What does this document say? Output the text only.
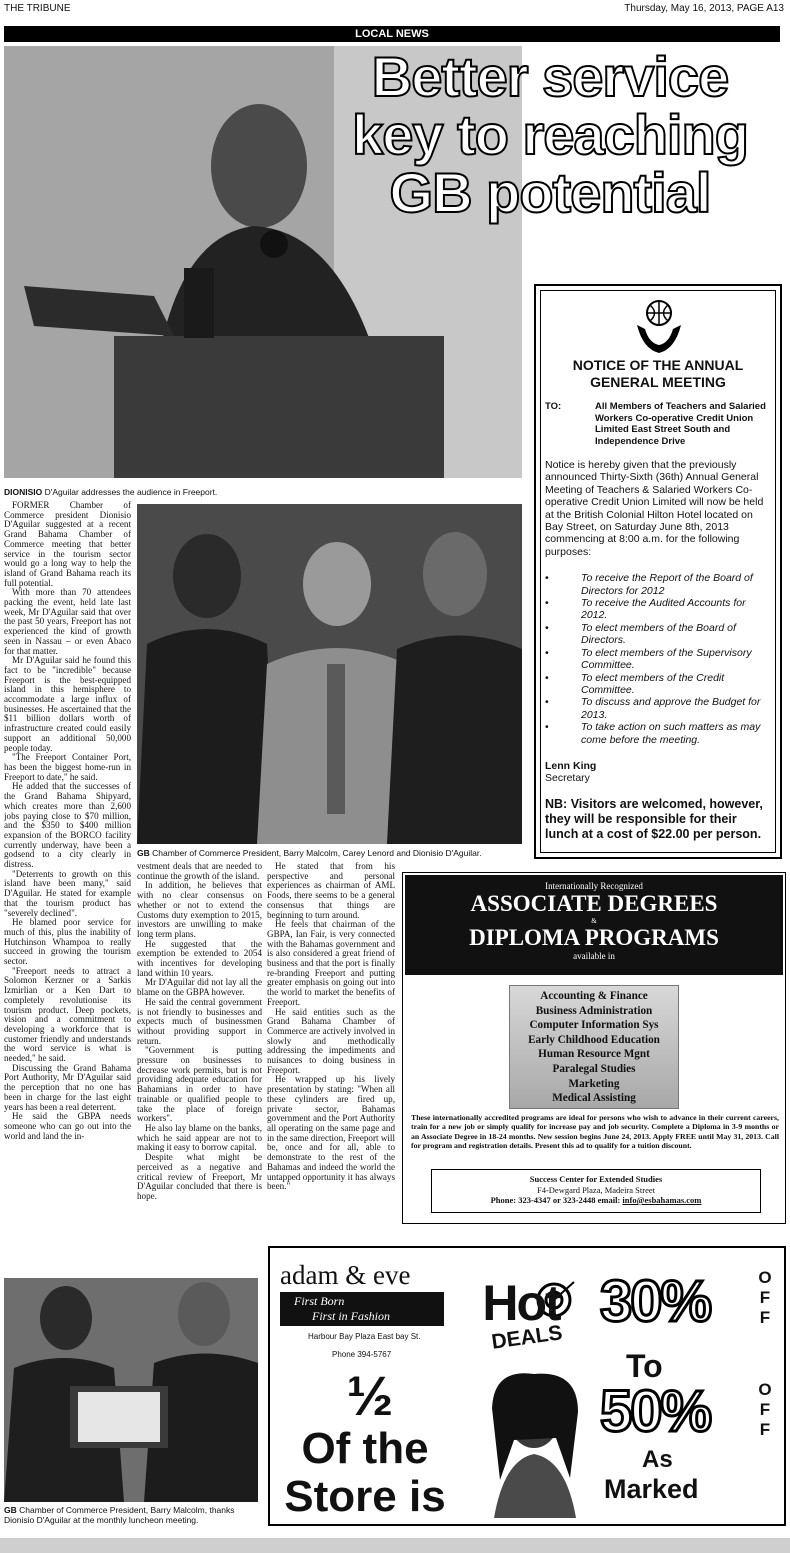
THE TRIBUNE	Thursday, May 16, 2013, PAGE A13
LOCAL NEWS
Better service key to reaching GB potential
DIONISIO D'Aguilar addresses the audience in Freeport.

FORMER Chamber of Commerce president Dionisio D'Aguilar suggested at a recent Grand Bahama Chamber of Commerce meeting that better service in the tourism sector would go a long way to help the island of Grand Bahama reach its full potential.

With more than 70 attendees packing the event, held late last week, Mr D'Aguilar said that over the past 50 years, Freeport has not experienced the kind of growth seen in Nassau – or even Abaco for that matter.

Mr D'Aguilar said he found this fact to be "incredible" because Freeport is the best-equipped island in this hemisphere to accommodate a large influx of businesses. He ascertained that the $11 billion dollars worth of infrastructure created could easily support an additional 50,000 people today.

"The Freeport Container Port, has been the biggest home-run in Freeport to date," he said.

He added that the successes of the Grand Bahama Shipyard, which creates more than 2,600 jobs paying close to $70 million, and the $350 to $400 million expansion of the BORCO facility currently underway, have been a godsend to a city clearly in distress.

"Deterrents to growth on this island have been many," said D'Aguilar. He stated for example that the tourism product has "severely declined".

He blamed poor service for much of this, plus the inability of Hutchinson Whampoa to really succeed in growing the tourism sector.

"Freeport needs to attract a Solomon Kerzner or a Sarkis Izmirlian or a Ken Dart to completely revolutionise its tourism product. Deep pockets, vision and a commitment to developing a workforce that is customer friendly and understands the word service is what is needed," he said.

Discussing the Grand Bahama Port Authority, Mr D'Aguilar said the perception that no one has been in charge for the last eight years has been a real deterrent.

He said the GBPA needs someone who can go out into the world and land the in-

GB Chamber of Commerce President, Barry Malcolm, Carey Lenord and Dionisio D'Aguilar.

vestment deals that are needed to continue the growth of the island.

In addition, he believes that with no clear consensus on whether or not to extend the Customs duty exemption to 2015, investors are unwilling to make long term plans.

He suggested that the exemption be extended to 2054 with incentives for developing land within 10 years.

Mr D'Aguilar did not lay all the blame on the GBPA however.

He said the central government is not friendly to businesses and expects much of businessmen without providing support in return.

"Government is putting pressure on businesses to decrease work permits, but is not providing adequate education for Bahamians in order to have trainable or qualified people to take the place of foreign workers".

He also lay blame on the banks, which he said appear are not to making it easy to borrow capital.

Despite what might be perceived as a negative and critical review of Freeport, Mr D'Aguilar concluded that there is hope.

He stated that from his perspective and personal experiences as chairman of AML Foods, there seems to be a general consensus that things are beginning to turn around.

He feels that chairman of the GBPA, Ian Fair, is very connected with the Bahamas government and is also considered a great friend of business and that the port is finally re-branding Freeport and putting greater emphasis on going out into the world to market the benefits of Freeport.

He said entities such as the Grand Bahama Chamber of Commerce are actively involved in slowly and methodically addressing the impediments and nuisances to doing business in Freeport.

He wrapped up his lively presentation by stating: "When all these cylinders are fired up, private sector, Bahamas government and the Port Authority all operating on the same page and in the same direction, Freeport will be, once and for all, able to demonstrate to the rest of the Bahamas and indeed the world the untapped opportunity it has always been."

GB Chamber of Commerce President, Barry Malcolm, thanks Dionisio D'Aguilar at the monthly luncheon meeting.
NOTICE OF THE ANNUAL GENERAL MEETING
TO:	All Members of Teachers and Salaried Workers Co-operative Credit Union Limited East Street South and Independence Drive
Notice is hereby given that the previously announced Thirty-Sixth (36th) Annual General Meeting of Teachers & Salaried Workers Co-operative Credit Union Limited will now be held at the British Colonial Hilton Hotel located on Bay Street, on Saturday June 8th, 2013 commencing at 8:00 a.m. for the following purposes:
• To receive the Report of the Board of Directors for 2012
• To receive the Audited Accounts for 2012.
• To elect members of the Board of Directors.
• To elect members of the Supervisory Committee.
• To elect members of the Credit Committee.
• To discuss and approve the Budget for 2013.
• To take action on such matters as may come before the meeting.
Lenn King
Secretary
NB: Visitors are welcomed, however, they will be responsible for their lunch at a cost of $22.00 per person.
Internationally Recognized
ASSOCIATE DEGREES
&
DIPLOMA PROGRAMS
available in
Accounting & Finance
Business Administration
Computer Information Sys
Early Childhood Education
Human Resource Mgnt
Paralegal Studies
Marketing
Medical Assisting
These internationally accredited programs are ideal for persons who wish to advance in their current careers, train for a new job or simply qualify for increase pay and job security. Complete a Diploma in 3-9 months or an Associate Degree in 18-24 months. New session begins June 24, 2013. Apply FREE until May 31, 2013. Call for program and registration details. Present this ad to qualify for a tuition discount.
Success Center for Extended Studies
F4-Dewgard Plaza, Madeira Street
Phone: 323-4347 or 323-2448 email: info@esbahamas.com
adam & eve
First Born
First in Fashion
Harbour Bay Plaza East bay St.
Phone 394-5767
½
Of the
Store is
Hot
DEALS
30%
To
50%
As
Marked
O
F
F
O
F
F
